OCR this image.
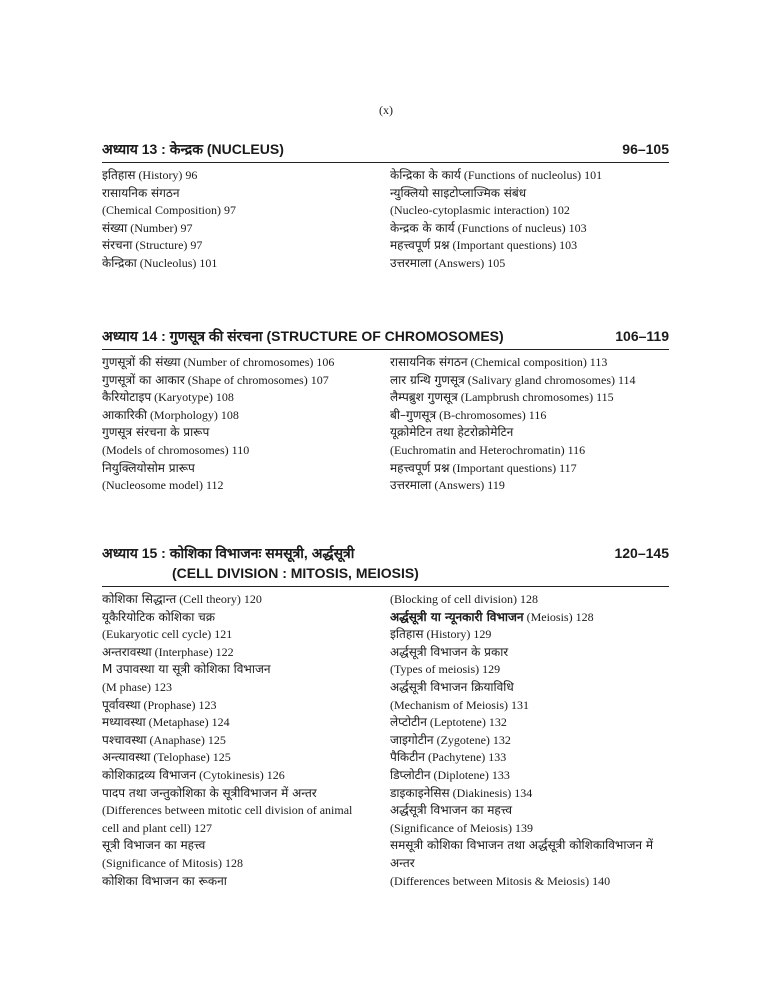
(x)
अध्याय 13 : केन्द्रक (NUCLEUS)	96–105
इतिहास (History) 96
रासायनिक संगठन
(Chemical Composition) 97
संख्या (Number) 97
संरचना (Structure) 97
केन्द्रिका (Nucleolus) 101
केन्द्रिका के कार्य (Functions of nucleolus) 101
न्युक्लियो साइटोप्लाज्मिक संबंध
(Nucleo-cytoplasmic interaction) 102
केन्द्रक के कार्य (Functions of nucleus) 103
महत्त्वपूर्ण प्रश्न (Important questions) 103
उत्तरमाला (Answers) 105
अध्याय 14 : गुणसूत्र की संरचना (STRUCTURE OF CHROMOSOMES)	106–119
गुणसूत्रों की संख्या (Number of chromosomes) 106
गुणसूत्रों का आकार (Shape of chromosomes) 107
कैरियोटाइप (Karyotype) 108
आकारिकी (Morphology) 108
गुणसूत्र संरचना के प्रारूप
(Models of chromosomes) 110
नियुक्लियोसोम प्रारूप
(Nucleosome model) 112
रासायनिक संगठन (Chemical composition) 113
लार ग्रन्थि गुणसूत्र (Salivary gland chromosomes) 114
लैम्पब्रुश गुणसूत्र (Lampbrush chromosomes) 115
बी–गुणसूत्र (B-chromosomes) 116
यूक्रोमेटिन तथा हेटरोक्रोमेटिन
(Euchromatin and Heterochromatin) 116
महत्त्वपूर्ण प्रश्न (Important questions) 117
उत्तरमाला (Answers) 119
अध्याय 15 : कोशिका विभाजनः समसूत्री, अर्द्धसूत्री
(CELL DIVISION : MITOSIS, MEIOSIS)
120–145
कोशिका सिद्धान्त (Cell theory) 120
यूकैरियोटिक कोशिका चक्र
(Eukaryotic cell cycle) 121
अन्तरावस्था (Interphase) 122
M उपावस्था या सूत्री कोशिका विभाजन
(M phase) 123
पूर्वावस्था (Prophase) 123
मध्यावस्था (Metaphase) 124
पश्चावस्था (Anaphase) 125
अन्त्यावस्था (Telophase) 125
कोशिकाद्रव्य विभाजन (Cytokinesis) 126
पादप तथा जन्तुकोशिका के सूत्रीविभाजन में अन्तर
(Differences between mitotic cell division of animal
cell and plant cell) 127
सूत्री विभाजन का महत्त्व
(Significance of Mitosis) 128
कोशिका विभाजन का रूकना
(Blocking of cell division) 128
अर्द्धसूत्री या न्यूनकारी विभाजन (Meiosis) 128
इतिहास (History) 129
अर्द्धसूत्री विभाजन के प्रकार
(Types of meiosis) 129
अर्द्धसूत्री विभाजन क्रियाविधि
(Mechanism of Meiosis) 131
लेप्टोटीन (Leptotene) 132
जाइगोटीन (Zygotene) 132
पैकिटीन (Pachytene) 133
डिप्लोटीन (Diplotene) 133
डाइकाइनेसिस (Diakinesis) 134
अर्द्धसूत्री विभाजन का महत्त्व
(Significance of Meiosis) 139
समसूत्री कोशिका विभाजन तथा अर्द्धसूत्री कोशिकाविभाजन में
अन्तर
(Differences between Mitosis & Meiosis) 140
